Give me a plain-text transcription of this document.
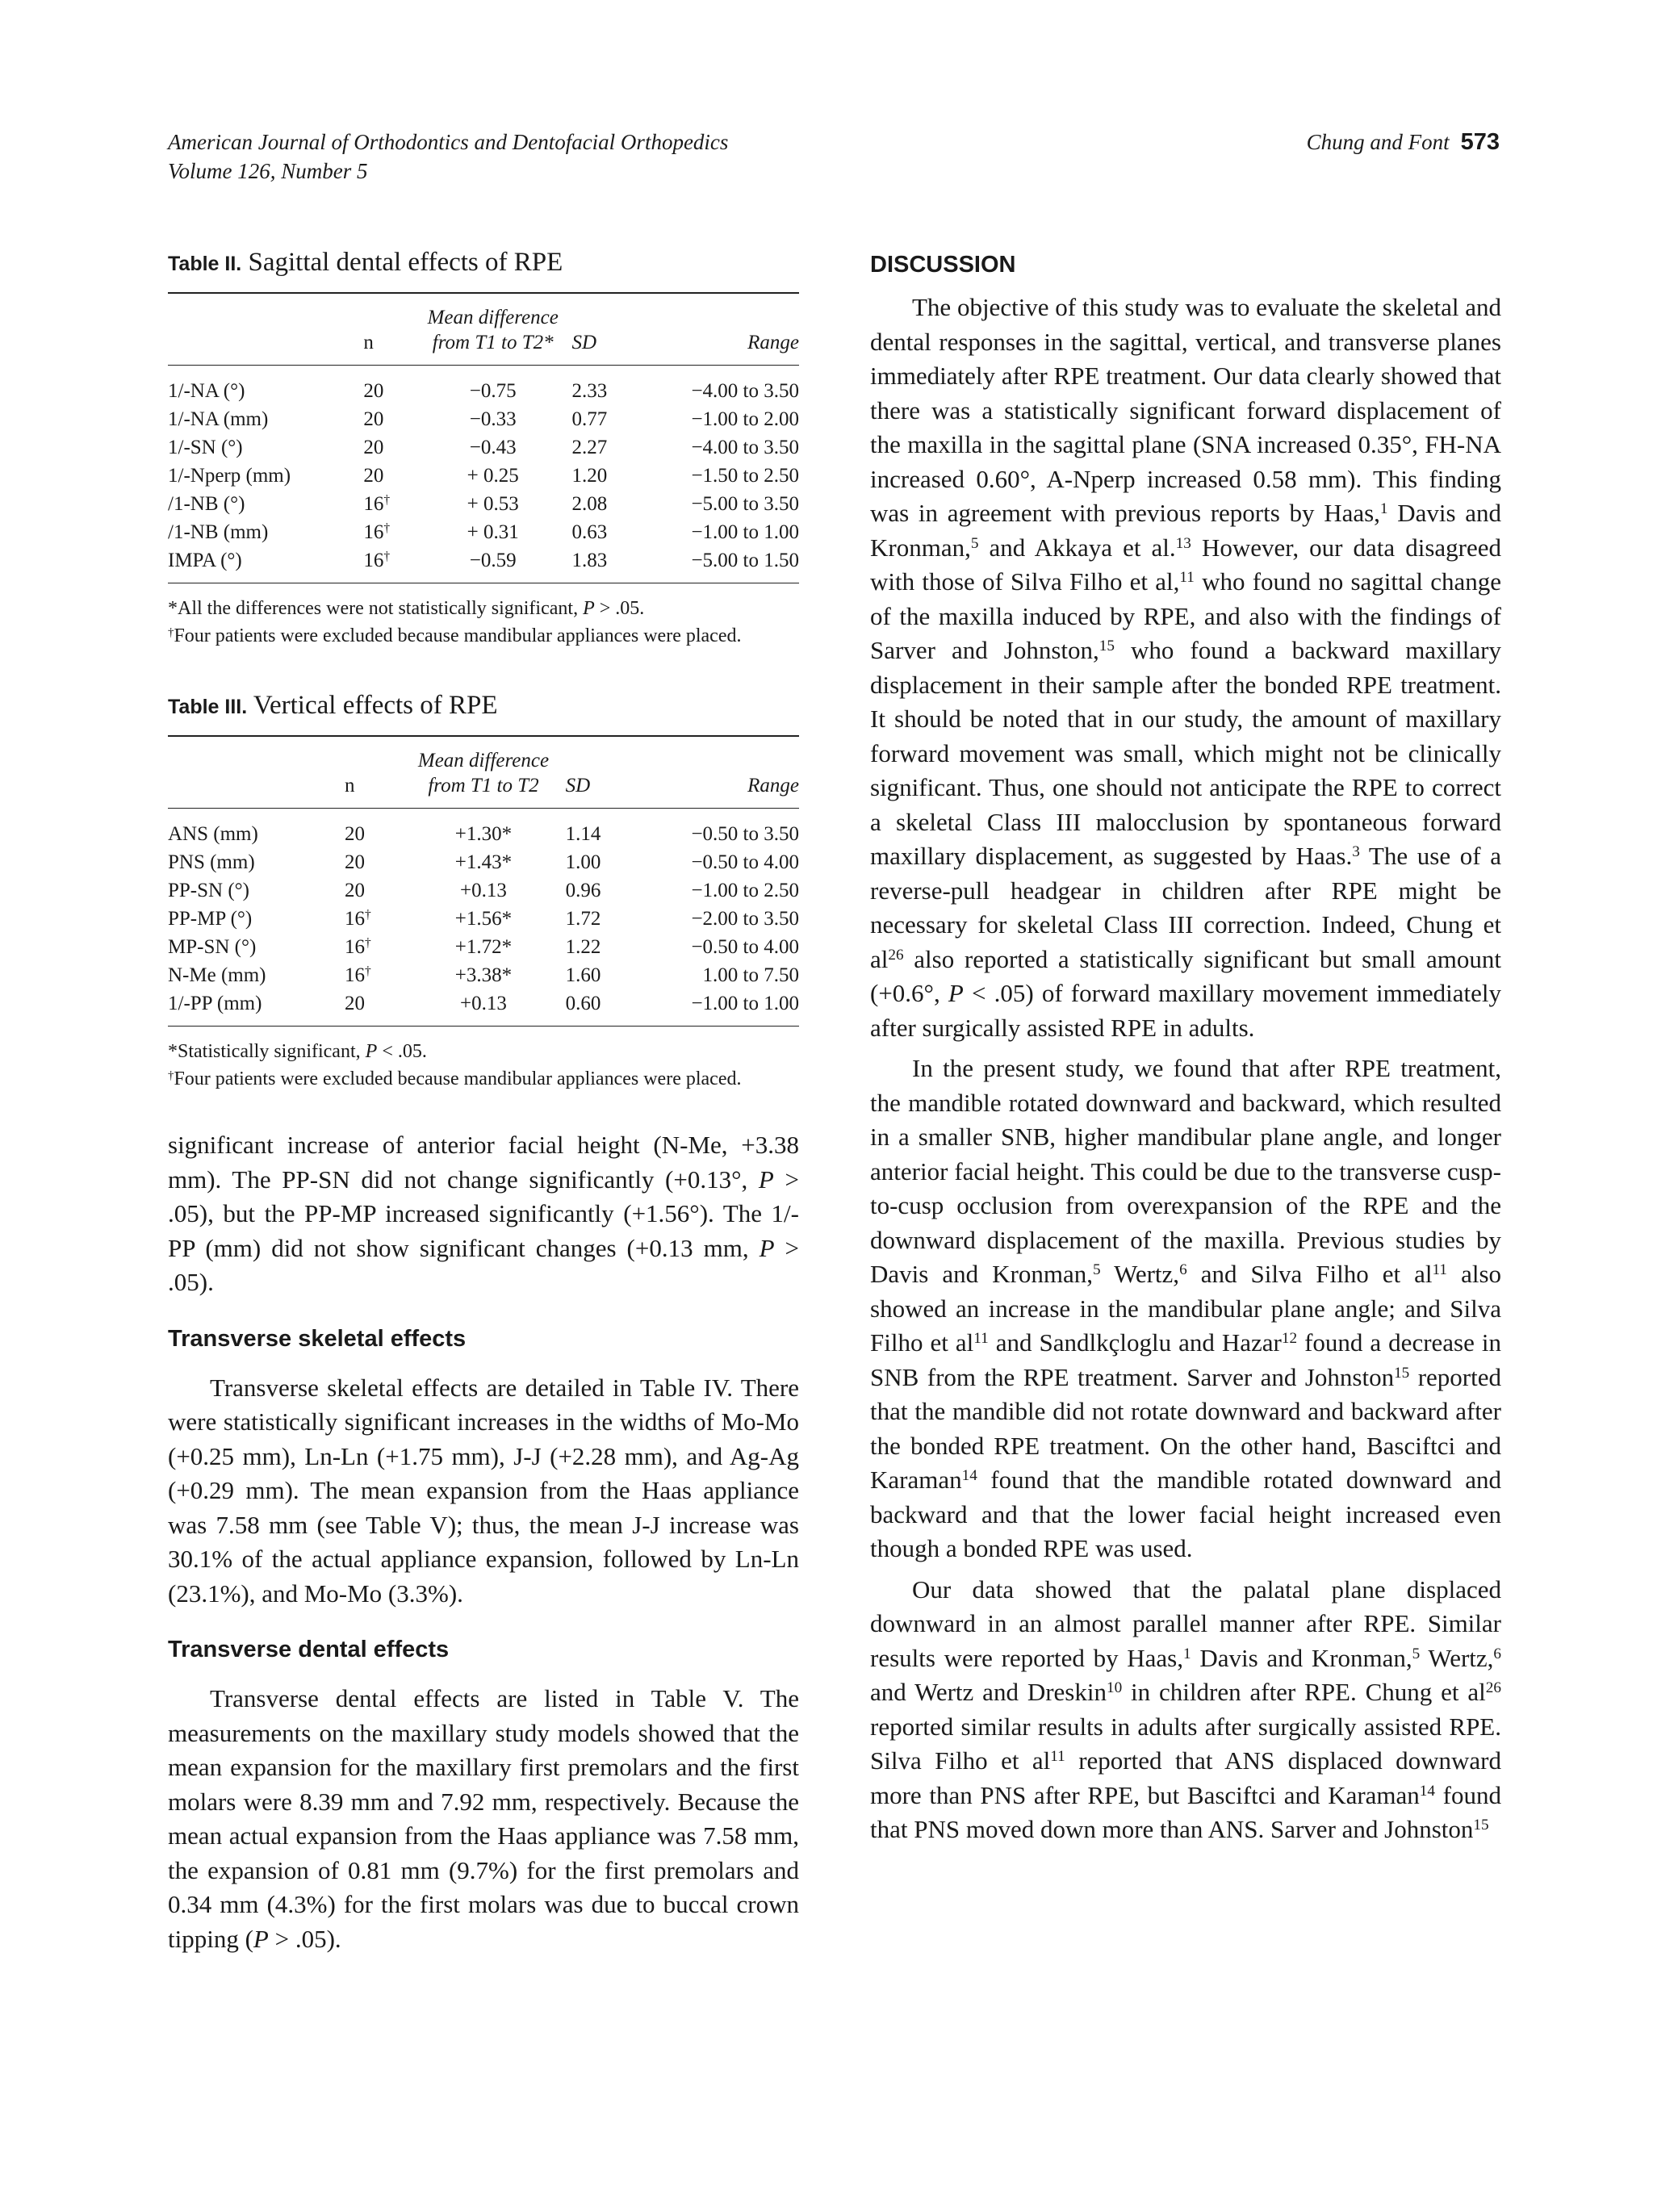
American Journal of Orthodontics and Dentofacial Orthopedics
Volume 126, Number 5
Chung and Font 573
Table II. Sagittal dental effects of RPE
	n	Mean difference
from T1 to T2*	SD	Range
1/-NA (°)	20	−0.75	2.33	−4.00 to 3.50
1/-NA (mm)	20	−0.33	0.77	−1.00 to 2.00
1/-SN (°)	20	−0.43	2.27	−4.00 to 3.50
1/-Nperp (mm)	20	+ 0.25	1.20	−1.50 to 2.50
/1-NB (°)	16†	+ 0.53	2.08	−5.00 to 3.50
/1-NB (mm)	16†	+ 0.31	0.63	−1.00 to 1.00
IMPA (°)	16†	−0.59	1.83	−5.00 to 1.50

*All the differences were not statistically significant, P > .05.

†Four patients were excluded because mandibular appliances were placed.

Table III. Vertical effects of RPE
	n	Mean difference
from T1 to T2	SD	Range
ANS (mm)	20	+1.30*	1.14	−0.50 to 3.50
PNS (mm)	20	+1.43*	1.00	−0.50 to 4.00
PP-SN (°)	20	+0.13	0.96	−1.00 to 2.50
PP-MP (°)	16†	+1.56*	1.72	−2.00 to 3.50
MP-SN (°)	16†	+1.72*	1.22	−0.50 to 4.00
N-Me (mm)	16†	+3.38*	1.60	1.00 to 7.50
1/-PP (mm)	20	+0.13	0.60	−1.00 to 1.00

*Statistically significant, P < .05.

†Four patients were excluded because mandibular appliances were placed.

significant increase of anterior facial height (N-Me, +3.38 mm). The PP-SN did not change significantly (+0.13°, P > .05), but the PP-MP increased significantly (+1.56°). The 1/-PP (mm) did not show significant changes (+0.13 mm, P > .05).

Transverse skeletal effects

Transverse skeletal effects are detailed in Table IV. There were statistically significant increases in the widths of Mo-Mo (+0.25 mm), Ln-Ln (+1.75 mm), J-J (+2.28 mm), and Ag-Ag (+0.29 mm). The mean expansion from the Haas appliance was 7.58 mm (see Table V); thus, the mean J-J increase was 30.1% of the actual appliance expansion, followed by Ln-Ln (23.1%), and Mo-Mo (3.3%).

Transverse dental effects

Transverse dental effects are listed in Table V. The measurements on the maxillary study models showed that the mean expansion for the maxillary first premolars and the first molars were 8.39 mm and 7.92 mm, respectively. Because the mean actual expansion from the Haas appliance was 7.58 mm, the expansion of 0.81 mm (9.7%) for the first premolars and 0.34 mm (4.3%) for the first molars was due to buccal crown tipping (P > .05).

DISCUSSION

The objective of this study was to evaluate the skeletal and dental responses in the sagittal, vertical, and transverse planes immediately after RPE treatment. Our data clearly showed that there was a statistically significant forward displacement of the maxilla in the sagittal plane (SNA increased 0.35°, FH-NA increased 0.60°, A-Nperp increased 0.58 mm). This finding was in agreement with previous reports by Haas,$^1$ Davis and Kronman,$^5$ and Akkaya et al.$^{13}$ However, our data disagreed with those of Silva Filho et al,$^{11}$ who found no sagittal change of the maxilla induced by RPE, and also with the findings of Sarver and Johnston,$^{15}$ who found a backward maxillary displacement in their sample after the bonded RPE treatment. It should be noted that in our study, the amount of maxillary forward movement was small, which might not be clinically significant. Thus, one should not anticipate the RPE to correct a skeletal Class III malocclusion by spontaneous forward maxillary displacement, as suggested by Haas.$^3$ The use of a reverse-pull headgear in children after RPE might be necessary for skeletal Class III correction. Indeed, Chung et $al^{26}$ also reported a statistically significant but small amount (+0.6°, P < .05) of forward maxillary movement immediately after surgically assisted RPE in adults.

In the present study, we found that after RPE treatment, the mandible rotated downward and backward, which resulted in a smaller SNB, higher mandibular plane angle, and longer anterior facial height. This could be due to the transverse cusp-to-cusp occlusion from overexpansion of the RPE and the downward displacement of the maxilla. Previous studies by Davis and Kronman,$^5$ Wertz,$^6$ and Silva Filho et $al^{11}$ also showed an increase in the mandibular plane angle; and Silva Filho et $al^{11}$ and Sandlkçloglu and Hazar$^{12}$ found a decrease in SNB from the RPE treatment. Sarver and Johnston$^{15}$ reported that the mandible did not rotate downward and backward after the bonded RPE treatment. On the other hand, Basciftci and Karaman$^{14}$ found that the mandible rotated downward and backward and that the lower facial height increased even though a bonded RPE was used.

Our data showed that the palatal plane displaced downward in an almost parallel manner after RPE. Similar results were reported by Haas,$^1$ Davis and Kronman,$^5$ Wertz,$^6$ and Wertz and Dreskin$^{10}$ in children after RPE. Chung et $al^{26}$ reported similar results in adults after surgically assisted RPE. Silva Filho et $al^{11}$ reported that ANS displaced downward more than PNS after RPE, but Basciftci and Karaman$^{14}$ found that PNS moved down more than ANS. Sarver and Johnston$^{15}$
